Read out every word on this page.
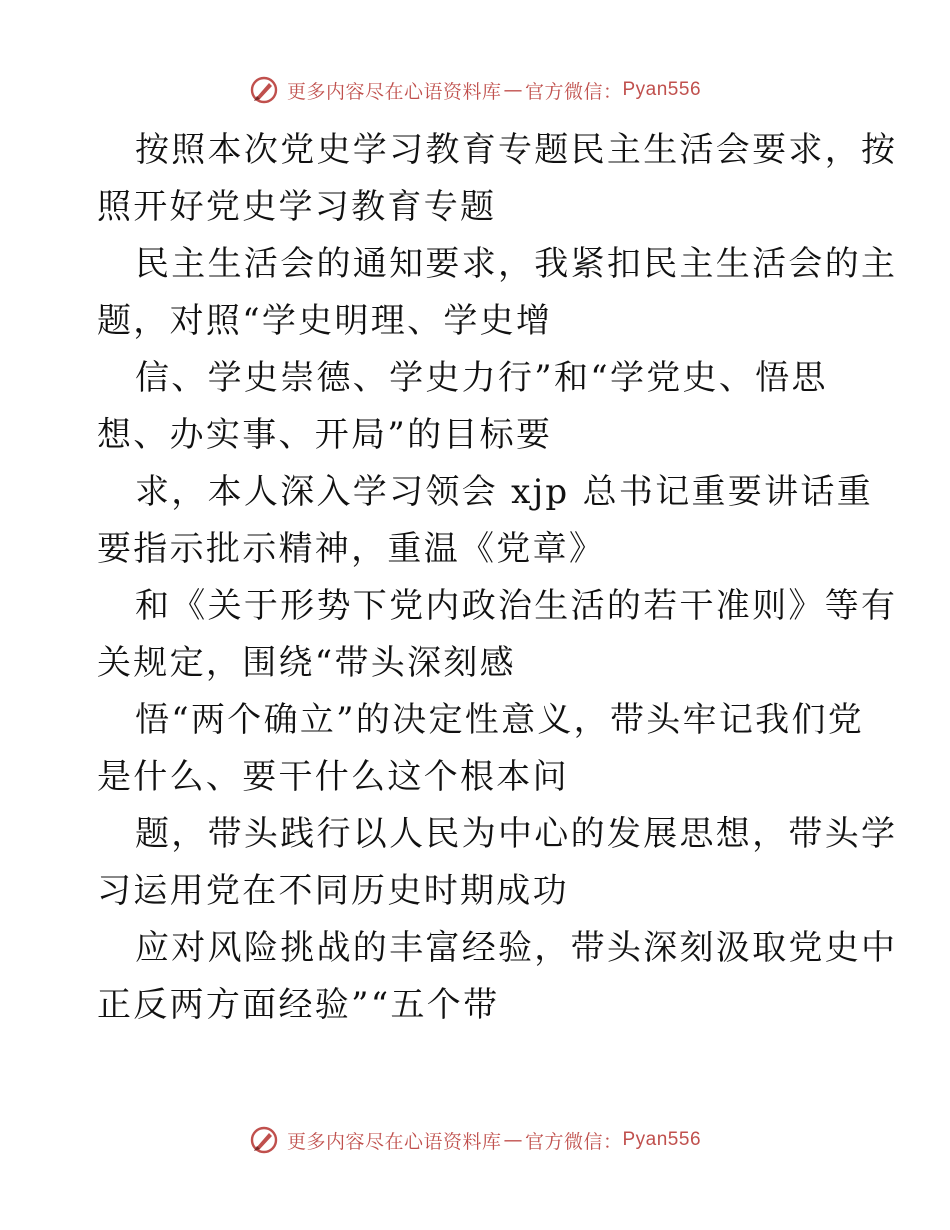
更多内容尽在心语资料库 — 官方微信： Pyan556
按照本次党史学习教育专题民主生活会要求，按
照开好党史学习教育专题
民主生活会的通知要求，我紧扣民主生活会的主
题，对照“学史明理、学史增
信、学史崇德、学史力行”和“学党史、悟思
想、办实事、开局”的目标要
求，本人深入学习领会 xjp 总书记重要讲话重
要指示批示精神，重温《党章》
和《关于形势下党内政治生活的若干准则》等有
关规定，围绕“带头深刻感
悟“两个确立”的决定性意义，带头牢记我们党
是什么、要干什么这个根本问
题，带头践行以人民为中心的发展思想，带头学
习运用党在不同历史时期成功
应对风险挑战的丰富经验，带头深刻汲取党史中
正反两方面经验”“五个带
更多内容尽在心语资料库 — 官方微信： Pyan556
